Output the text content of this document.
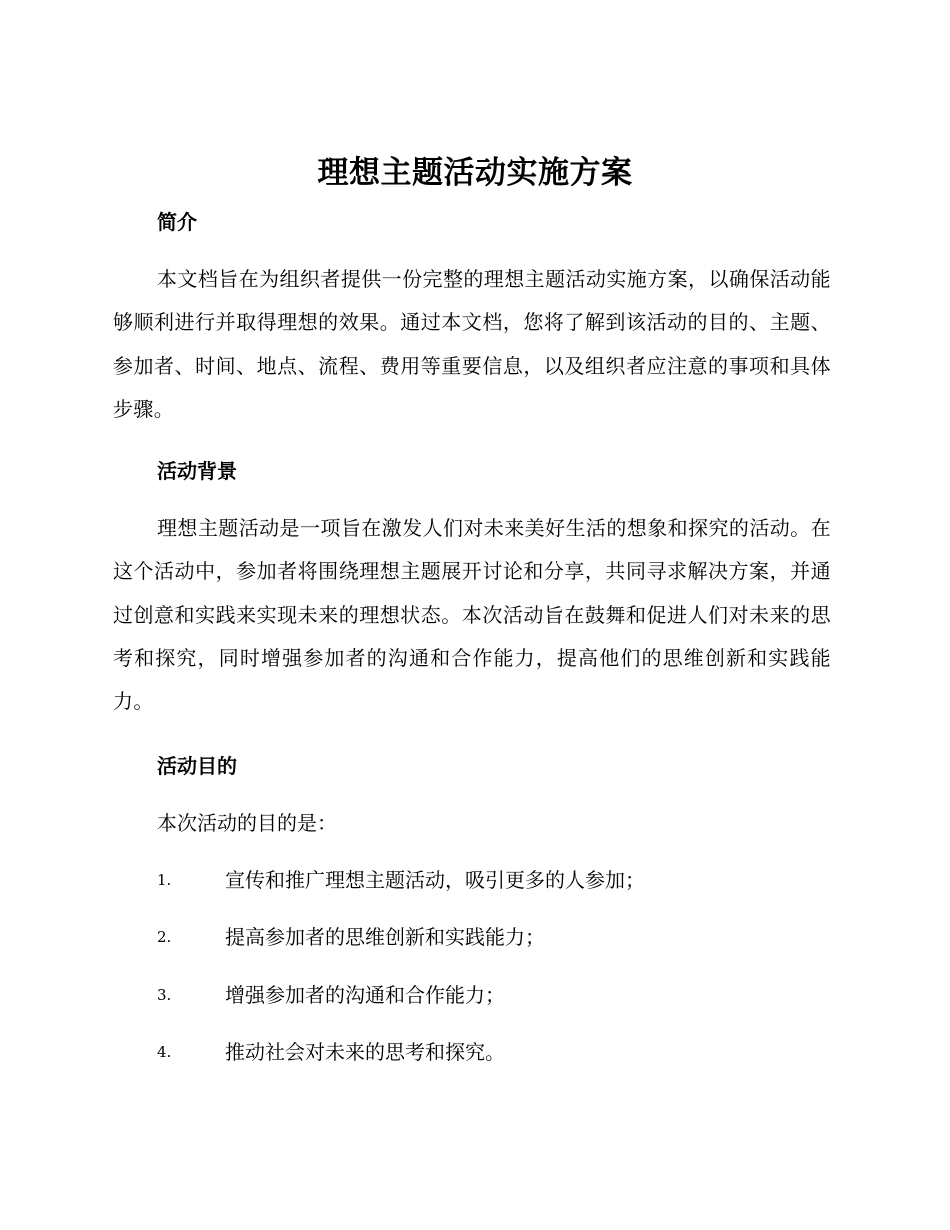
理想主题活动实施方案
简介
本文档旨在为组织者提供一份完整的理想主题活动实施方案，以确保活动能够顺利进行并取得理想的效果。通过本文档，您将了解到该活动的目的、主题、参加者、时间、地点、流程、费用等重要信息，以及组织者应注意的事项和具体步骤。
活动背景
理想主题活动是一项旨在激发人们对未来美好生活的想象和探究的活动。在这个活动中，参加者将围绕理想主题展开讨论和分享，共同寻求解决方案，并通过创意和实践来实现未来的理想状态。本次活动旨在鼓舞和促进人们对未来的思考和探究，同时增强参加者的沟通和合作能力，提高他们的思维创新和实践能力。
活动目的
本次活动的目的是：
1.	宣传和推广理想主题活动，吸引更多的人参加；
2.	提高参加者的思维创新和实践能力；
3.	增强参加者的沟通和合作能力；
4.	推动社会对未来的思考和探究。
